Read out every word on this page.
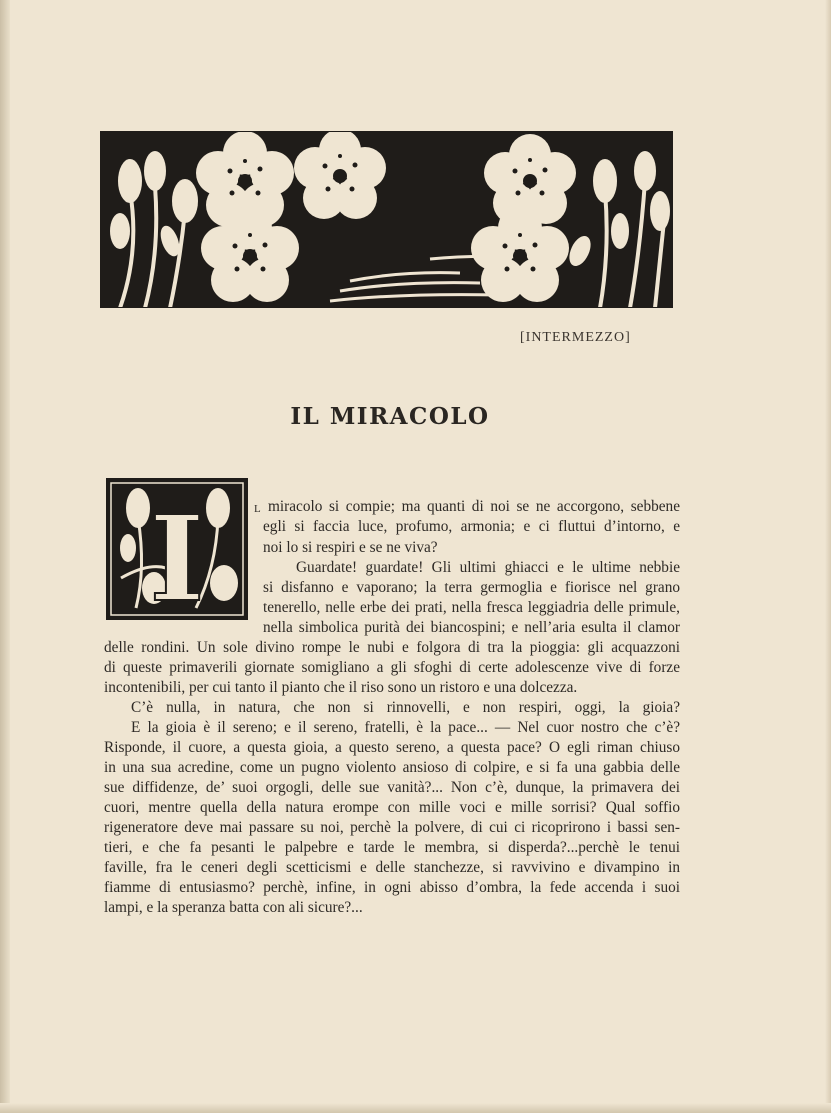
[INTERMEZZO]
IL MIRACOLO
I	L miracolo si compie; ma quanti di noi se ne accorgono, sebbene
egli si faccia luce, profumo, armonia; e ci fluttui d’intorno, e
noi lo si respiri e se ne viva?
Guardate! guardate! Gli ultimi ghiacci e le ultime nebbie
si disfanno e vaporano; la terra germoglia e fiorisce nel grano
tenerello, nelle erbe dei prati, nella fresca leggiadria delle primule,
nella simbolica purità dei biancospini; e nell’aria esulta il clamor
delle rondini. Un sole divino rompe le nubi e folgora di tra la pioggia: gli acquazzoni
di queste primaverili giornate somigliano a gli sfoghi di certe adolescenze vive di forze
incontenibili, per cui tanto il pianto che il riso sono un ristoro e una dolcezza.
C’è nulla, in natura, che non si rinnovelli, e non respiri, oggi, la gioia?
E la gioia è il sereno; e il sereno, fratelli, è la pace... — Nel cuor nostro che c’è?
Risponde, il cuore, a questa gioia, a questo sereno, a questa pace? O egli riman chiuso
in una sua acredine, come un pugno violento ansioso di colpire, e si fa una gabbia delle
sue diffidenze, de’ suoi orgogli, delle sue vanità?... Non c’è, dunque, la primavera dei
cuori, mentre quella della natura erompe con mille voci e mille sorrisi? Qual soffio
rigeneratore deve mai passare su noi, perchè la polvere, di cui ci ricoprirono i bassi sen-
tieri, e che fa pesanti le palpebre e tarde le membra, si disperda?...perchè le tenui
faville, fra le ceneri degli scetticismi e delle stanchezze, si ravvivino e divampino in
fiamme di entusiasmo? perchè, infine, in ogni abisso d’ombra, la fede accenda i suoi
lampi, e la speranza batta con ali sicure?...
